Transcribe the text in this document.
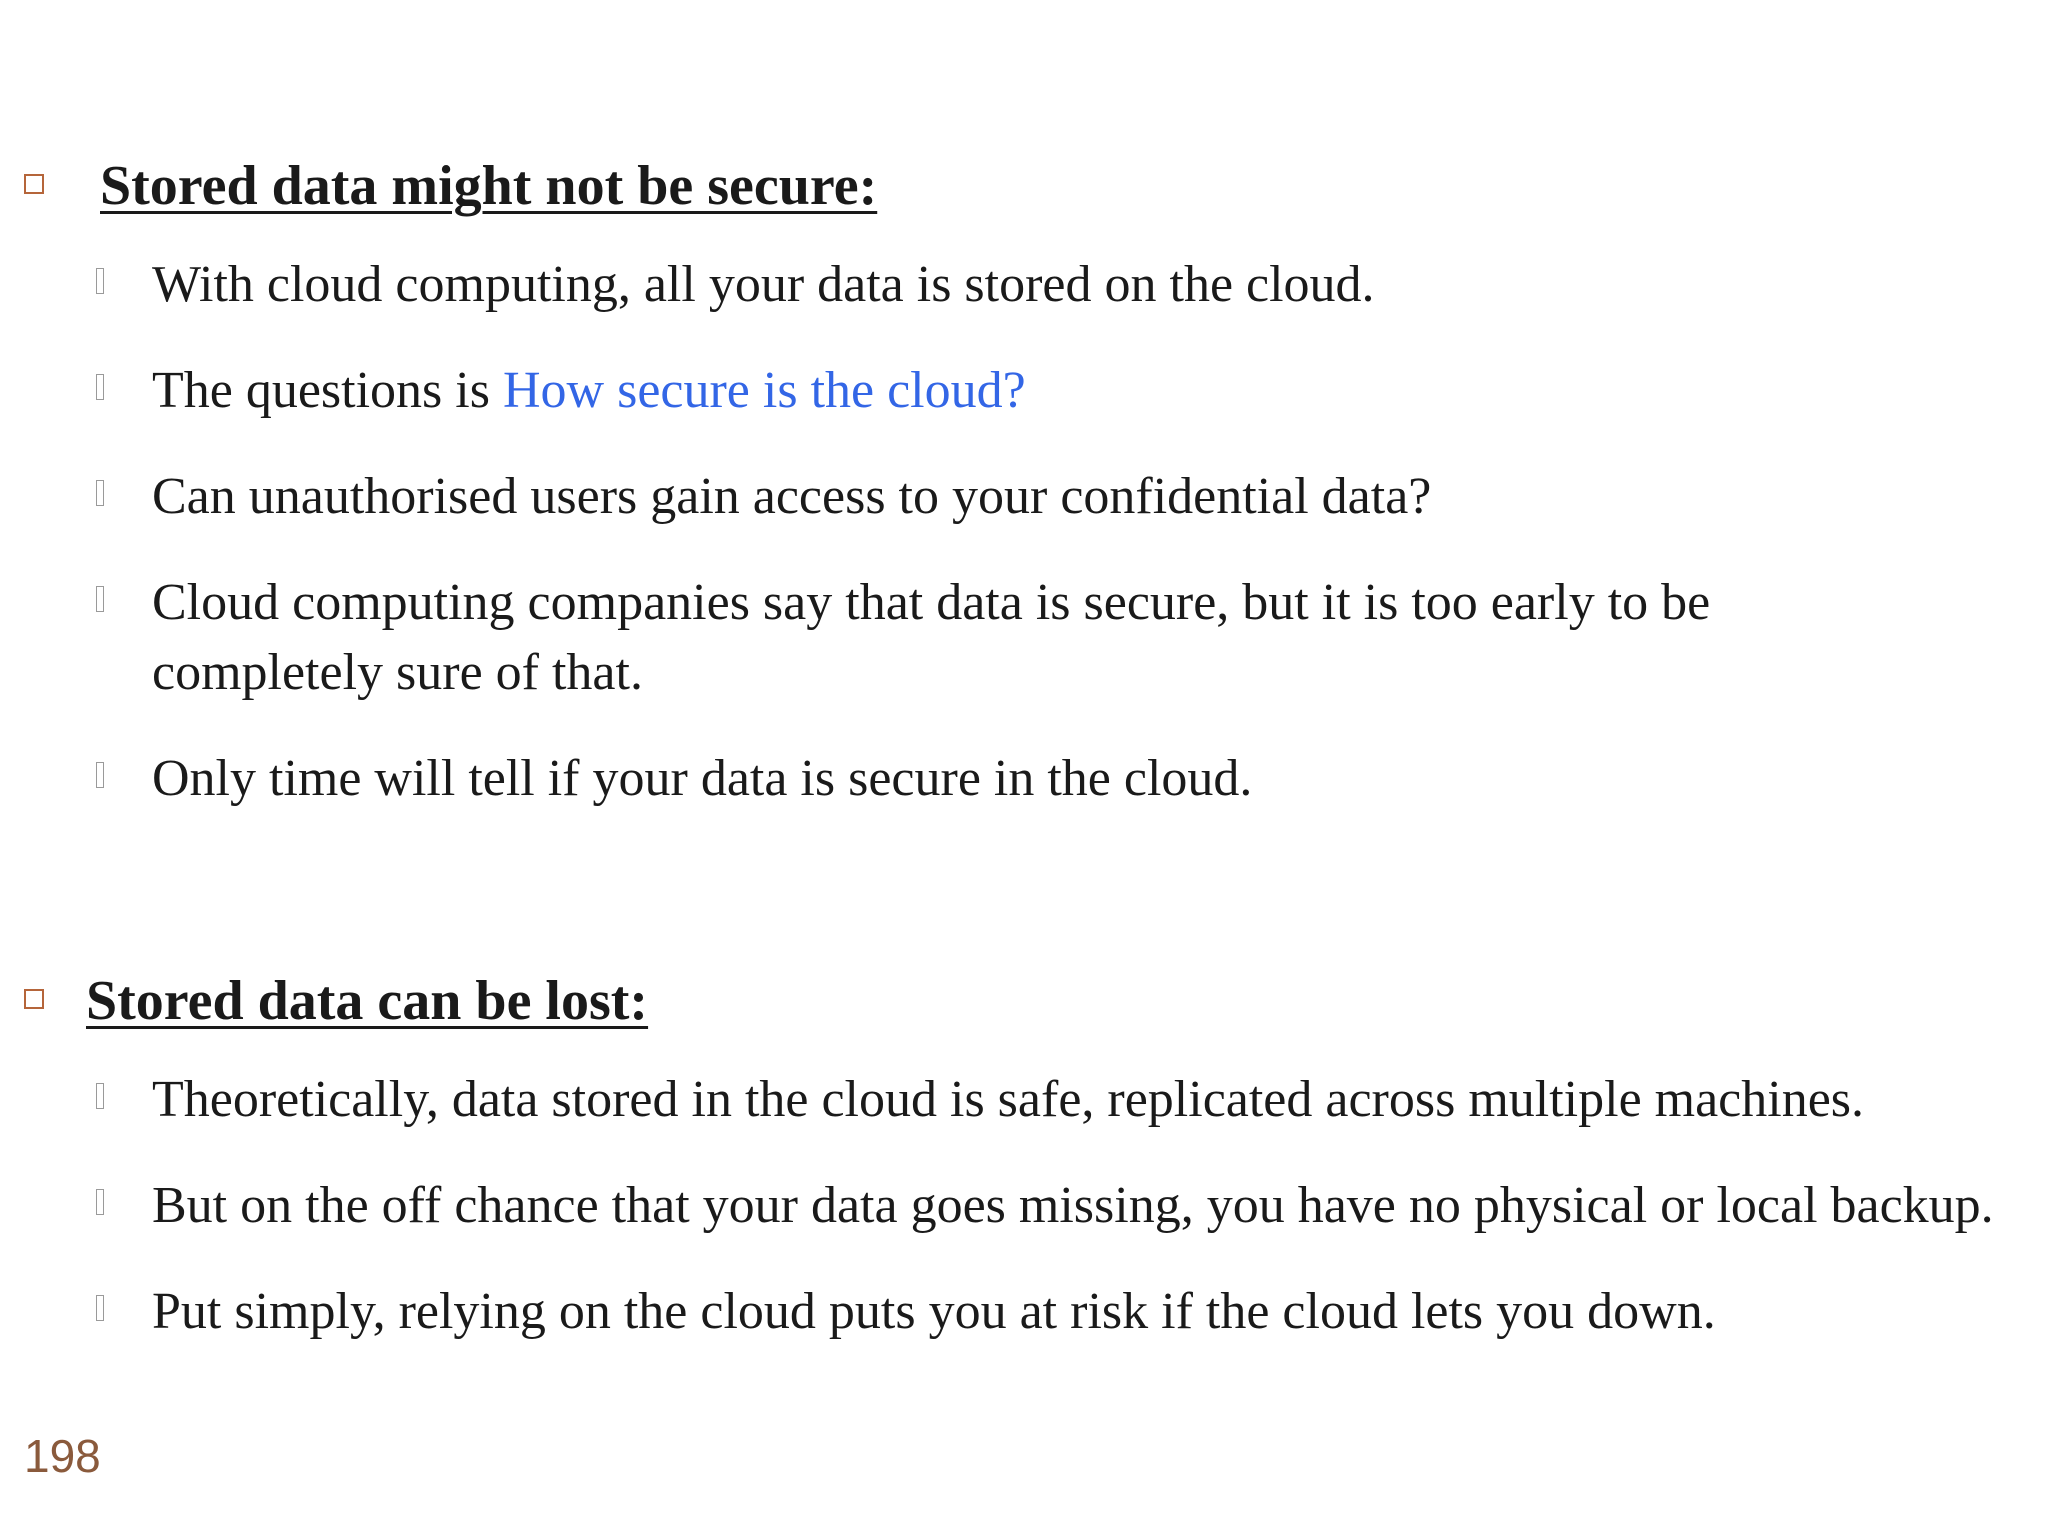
Stored data might not be secure:
With cloud computing, all your data is stored on the cloud.
The questions is How secure is the cloud?
Can unauthorised users gain access to your confidential data?
Cloud computing companies say that data is secure, but it is too early to be completely sure of that.
Only time will tell if your data is secure in the cloud.
Stored data can be lost:
Theoretically, data stored in the cloud is safe, replicated across multiple machines.
But on the off chance that your data goes missing, you have no physical or local backup.
Put simply, relying on the cloud puts you at risk if the cloud lets you down.
198
